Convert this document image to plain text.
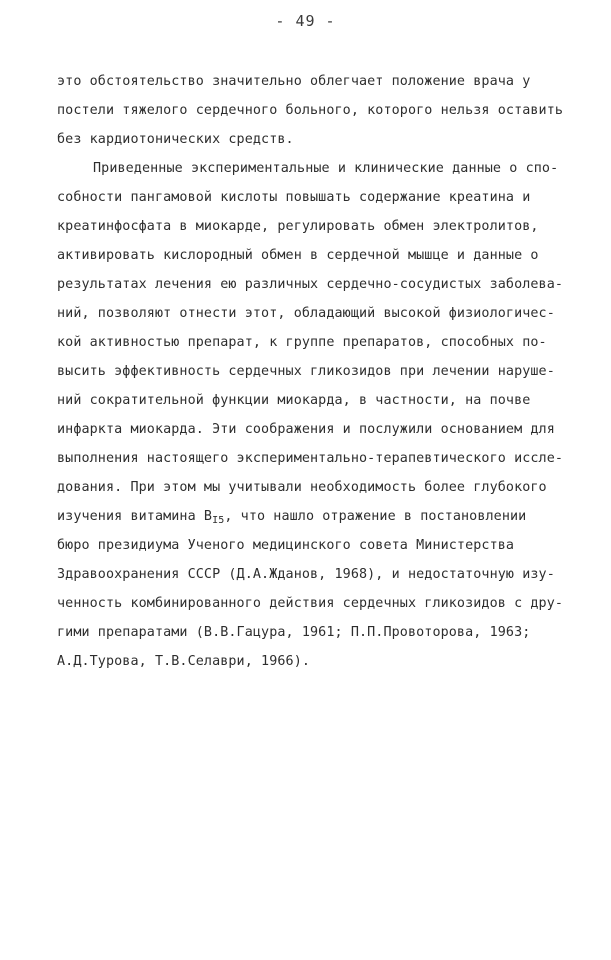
- 49 -
это обстоятельство значительно облегчает положение врача у
постели тяжелого сердечного больного, которого нельзя оставить
без кардиотонических средств.
Приведенные экспериментальные и клинические данные о спо-
собности пангамовой кислоты повышать содержание креатина и
креатинфосфата в миокарде, регулировать обмен электролитов,
активировать кислородный обмен в сердечной мышце и данные о
результатах лечения ею различных сердечно-сосудистых заболева-
ний, позволяют отнести этот, обладающий высокой физиологичес-
кой активностью препарат, к группе препаратов, способных по-
высить эффективность сердечных гликозидов при лечении наруше-
ний сократительной функции миокарда, в частности, на почве
инфаркта миокарда. Эти соображения и послужили основанием для
выполнения настоящего экспериментально-терапевтического иссле-
дования. При этом мы учитывали необходимость более глубокого
изучения витамина $B_{I5}$, что нашло отражение в постановлении
бюро президиума Ученого медицинского совета Министерства
Здравоохранения СССР (Д.А.Жданов, 1968), и недостаточную изу-
ченность комбинированного действия сердечных гликозидов с дру-
гими препаратами (В.В.Гацура, 1961; П.П.Провоторова, 1963;
А.Д.Турова, Т.В.Селаври, 1966).
